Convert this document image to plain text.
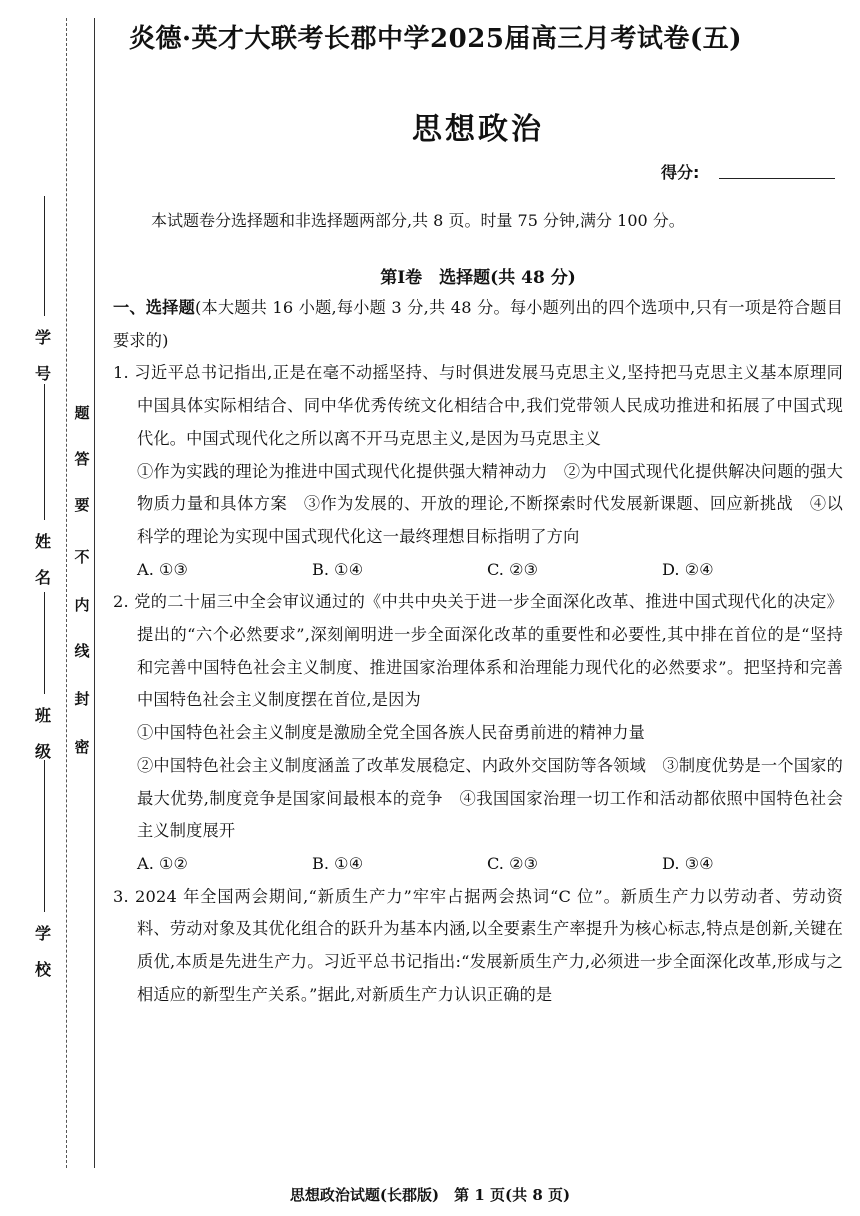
题
答
要
不
内
线
封
密
学
号
姓
名
班
级
学
校
炎德·英才大联考长郡中学2025届高三月考试卷(五)
思想政治
得分:
本试题卷分选择题和非选择题两部分,共 8 页。时量 75 分钟,满分 100 分。
第Ⅰ卷　选择题(共 48 分)

一、选择题(本大题共 16 小题,每小题 3 分,共 48 分。每小题列出的四个选项中,只有一项是符合题目要求的)

1. 习近平总书记指出,正是在毫不动摇坚持、与时俱进发展马克思主义,坚持把马克思主义基本原理同中国具体实际相结合、同中华优秀传统文化相结合中,我们党带领人民成功推进和拓展了中国式现代化。中国式现代化之所以离不开马克思主义,是因为马克思主义

①作为实践的理论为推进中国式现代化提供强大精神动力　②为中国式现代化提供解决问题的强大物质力量和具体方案　③作为发展的、开放的理论,不断探索时代发展新课题、回应新挑战　④以科学的理论为实现中国式现代化这一最终理想目标指明了方向

A. ①③	B. ①④	C. ②③	D. ②④

2. 党的二十届三中全会审议通过的《中共中央关于进一步全面深化改革、推进中国式现代化的决定》提出的“六个必然要求”,深刻阐明进一步全面深化改革的重要性和必要性,其中排在首位的是“坚持和完善中国特色社会主义制度、推进国家治理体系和治理能力现代化的必然要求”。把坚持和完善中国特色社会主义制度摆在首位,是因为

①中国特色社会主义制度是激励全党全国各族人民奋勇前进的精神力量

②中国特色社会主义制度涵盖了改革发展稳定、内政外交国防等各领域　③制度优势是一个国家的最大优势,制度竞争是国家间最根本的竞争　④我国国家治理一切工作和活动都依照中国特色社会主义制度展开

A. ①②	B. ①④	C. ②③	D. ③④

3. 2024 年全国两会期间,“新质生产力”牢牢占据两会热词“C 位”。新质生产力以劳动者、劳动资料、劳动对象及其优化组合的跃升为基本内涵,以全要素生产率提升为核心标志,特点是创新,关键在质优,本质是先进生产力。习近平总书记指出:“发展新质生产力,必须进一步全面深化改革,形成与之相适应的新型生产关系。”据此,对新质生产力认识正确的是

思想政治试题(长郡版)　第 1 页(共 8 页)
